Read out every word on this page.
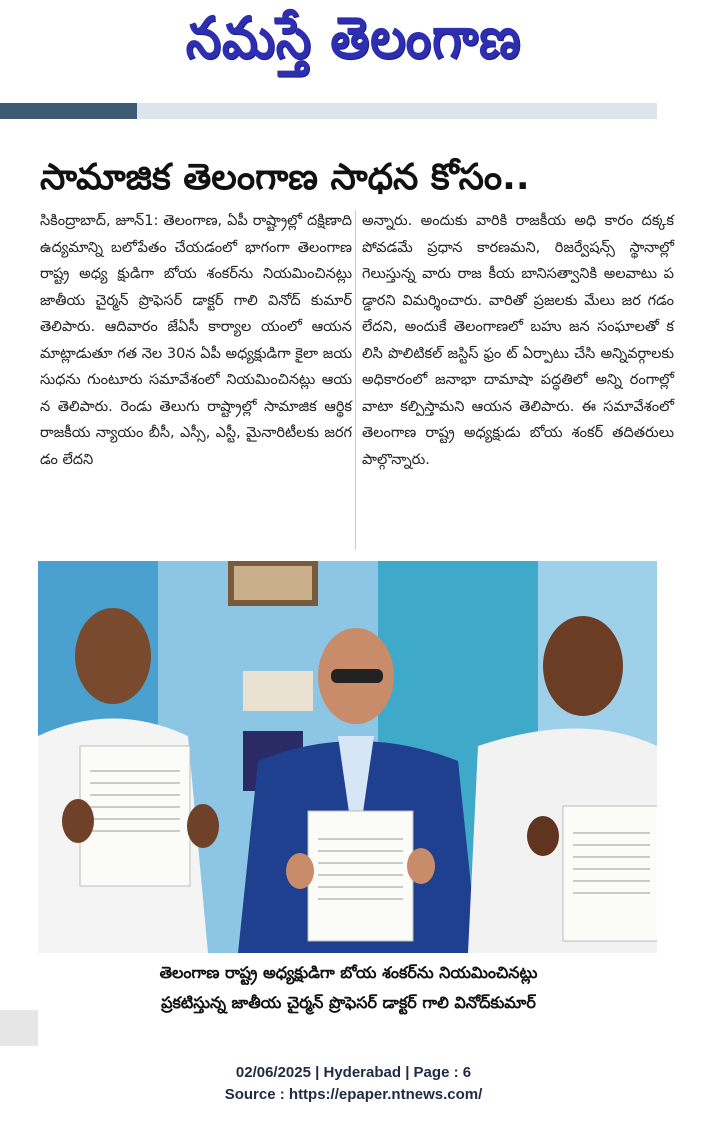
నమస్తే తెలంగాణ
సామాజిక తెలంగాణ సాధన కోసం..

సికింద్రాబాద్, జూన్1: తెలంగాణ, ఏపీ రాష్ట్రాల్లో దక్షిణాది ఉద్యమాన్ని బలోపేతం చేయడంలో భాగంగా తెలంగాణ రాష్ట్ర అధ్య క్షుడిగా బోయ శంకర్‌ను నియమించినట్లు జాతీయ చైర్మన్ ప్రొఫెసర్ డాక్టర్ గాలి వినోద్ కుమార్ తెలిపారు. ఆదివారం జేఏసీ కార్యాల యంలో ఆయన మాట్లాడుతూ గత నెల 30న ఏపీ అధ్యక్షుడిగా కైలా జయసుధను గుంటూరు సమావేశంలో నియమించినట్లు ఆయన తెలిపారు. రెండు తెలుగు రాష్ట్రాల్లో సామాజిక ఆర్థిక రాజకీయ న్యాయం బీసీ, ఎస్సీ, ఎస్టీ, మైనారిటీలకు జరగడం లేదని

అన్నారు. అందుకు వారికి రాజకీయ అధి కారం దక్కక పోవడమే ప్రధాన కారణమని, రిజర్వేషన్స్ స్థానాల్లో గెలుస్తున్న వారు రాజ కీయ బానిసత్వానికి అలవాటు పడ్డారని విమర్శించారు. వారితో ప్రజలకు మేలు జర గడం లేదని, అందుకే తెలంగాణలో బహు జన సంఘాలతో కలిసి పొలిటికల్ జస్టిస్ ఫ్రం ట్ ఏర్పాటు చేసి అన్నివర్గాలకు అధికారంలో జనాభా దామాషా పద్ధతిలో అన్ని రంగాల్లో వాటా కల్పిస్తామని ఆయన తెలిపారు. ఈ సమావేశంలో తెలంగాణ రాష్ట్ర అధ్యక్షుడు బోయ శంకర్ తదితరులు పాల్గొన్నారు.

తెలంగాణ రాష్ట్ర అధ్యక్షుడిగా బోయ శంకర్‌ను నియమించినట్లు
ప్రకటిస్తున్న జాతీయ చైర్మన్ ప్రొఫెసర్ డాక్టర్ గాలి వినోద్‌కుమార్
02/06/2025 | Hyderabad | Page : 6
Source : https://epaper.ntnews.com/
